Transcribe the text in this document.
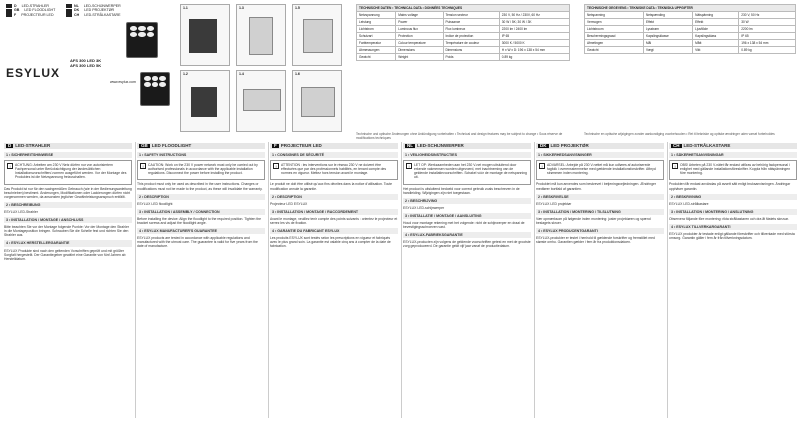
D
LED-STRAHLER
GB
LED FLOODLIGHT
F
PROJECTEUR LED
NL
LED-SCHIJNWERPER
DK
LED PROJEKTØR
CH
LED-STRÅLKASTARE
ESYLUX
AFS 300 LED 3K
AFS 300 LED 5K
www.esylux.com
1.1
1.2
1.3
1.4
1.5
1.6
TECHNISCHE DATEN • TECHNICAL DATA • DONNÉES TECHNIQUES			
Netzspannung	Mains voltage	Tension secteur	230 V, 50 Hz / 230V, 60 Hz
Leistung	Power	Puissance	30 W / 5K; 30 W / 3K
Lichtstrom	Luminous flux	Flux lumineux	2200 lm / 2400 lm
Schutzart	Protection	Indice de protection	IP 65
Farbtemperatur	Colour temperature	Température de couleur	3000 K / 5000 K
Abmessungen	Dimensions	Dimensions	H x W x D: 196 x 138 x 54 mm
Gewicht	Weight	Poids	0.89 kg
TECHNISCHE GEGEVENS • TEKNISKE DATA • TEKNISKA UPPGIFTER			
Netspanning	Netspænding	Nätspänning	230 V, 50 Hz
Vermogen	Effekt	Effekt	30 W
Lichtstroom	Lysstrøm	Ljusflöde	2200 lm
Beschermingsgraad	Kapslingsklasse	Kapslingsklass	IP 65
Afmetingen	Mål	Mått	196 x 138 x 54 mm
Gewicht	Vægt	Vikt	0.89 kg
Technische und optische Änderungen ohne Ankündigung vorbehalten • Technical and design features may be subject to change • Sous réserve de modifications techniques
Technische en optische wijzigingen zonder aankondiging voorbehouden • Ret til tekniske og optiske ændringer uden varsel forbeholdes
D LED-STRAHLER
1 • SICHERHEITSHINWEISE
!	ACHTUNG: Arbeiten am 230 V Netz dürfen nur von autorisiertem Fachpersonal unter Berücksichtigung der landesüblichen Installationsvorschriften/-normen ausgeführt werden. Vor der Montage des Produktes ist die Netzspannung freizuschalten.

Das Produkt ist nur für den sachgemäßen Gebrauch (wie in der Bedienungsanleitung beschrieben) bestimmt. Änderungen, Modifikationen oder Lackierungen dürfen nicht vorgenommen werden, da ansonsten jeglicher Gewährleistungsanspruch entfällt.

2 • BESCHREIBUNG

ESYLUX LED-Strahler

3 • INSTALLATION / MONTAGE / ANSCHLUSS

Bitte beachten Sie vor der Montage folgende Punkte: Vor der Montage den Strahler in die Montageposition bringen. Schrauben Sie die Schelle fest und richten Sie den Strahler aus.

4 • ESYLUX HERSTELLERGARANTIE

ESYLUX Produkte sind nach den geltenden Vorschriften geprüft und mit größter Sorgfalt hergestellt. Der Garantiegeber gewährt eine Garantie von fünf Jahren ab Herstelldatum.

GB LED FLOODLIGHT
1 • SAFETY INSTRUCTIONS
!	CAUTION: Work on the 230 V power network must only be carried out by authorised professionals in accordance with the applicable installation regulations. Disconnect the power before installing the product.

This product must only be used as described in the user instructions. Changes or modifications must not be made to the product, as these will invalidate the warranty.

2 • DESCRIPTION

ESYLUX LED floodlight

3 • INSTALLATION / ASSEMBLY / CONNECTION

Before installing the device: Align the floodlight to the required position. Tighten the bracket screws and adjust the floodlight angle.

4 • ESYLUX MANUFACTURER'S GUARANTEE

ESYLUX products are tested in accordance with applicable regulations and manufactured with the utmost care. The guarantee is valid for five years from the date of manufacture.

F PROJECTEUR LED
1 • CONSIGNES DE SÉCURITÉ
!	ATTENTION : les interventions sur le réseau 230 V ne doivent être effectuées que par des professionnels habilités, en tenant compte des normes en vigueur. Mettez hors tension avant le montage.

Le produit ne doit être utilisé qu'aux fins décrites dans la notice d'utilisation. Toute modification annule la garantie.

2 • DESCRIPTION

Projecteur LED ESYLUX

3 • INSTALLATION / MONTAGE / RACCORDEMENT

Avant le montage, veuillez tenir compte des points suivants : orientez le projecteur et serrez les vis de fixation.

4 • GARANTIE DU FABRICANT ESYLUX

Les produits ESYLUX sont testés selon les prescriptions en vigueur et fabriqués avec le plus grand soin. La garantie est valable cinq ans à compter de la date de fabrication.

NL LED-SCHIJNWERPER
1 • VEILIGHEIDSINSTRUCTIES
!	LET OP: Werkzaamheden aan het 230 V-net mogen uitsluitend door erkende vakmensen worden uitgevoerd, met inachtneming van de geldende installatievoorschriften. Schakel vóór de montage de netspanning uit.

Het product is uitsluitend bedoeld voor correct gebruik zoals beschreven in de handleiding. Wijzigingen zijn niet toegestaan.

2 • BESCHRIJVING

ESYLUX LED-schijnwerper

3 • INSTALLATIE / MONTAGE / AANSLUITING

Houd voor montage rekening met het volgende: richt de schijnwerper en draai de bevestigingsschroeven vast.

4 • ESYLUX-FABRIEKSGARANTIE

ESYLUX-producten zijn volgens de geldende voorschriften getest en met de grootste zorg geproduceerd. De garantie geldt vijf jaar vanaf de productiedatum.

DK LED PROJEKTØR
1 • SIKKERHEDSANVISNINGER
!	ADVARSEL: Arbejde på 230 V-nettet må kun udføres af autoriserede fagfolk i overensstemmelse med gældende installationsforskrifter. Afbryd strømmen inden montering.

Produktet må kun anvendes som beskrevet i betjeningsvejledningen. Ændringer medfører bortfald af garantien.

2 • BESKRIVELSE

ESYLUX LED projektør

3 • INSTALLATION / MONTERING / TILSLUTNING

Vær opmærksom på følgende inden montering: juster projektøren og spænd beslagets skruer.

4 • ESYLUX PRODUCENTGARANTI

ESYLUX-produkter er testet i henhold til gældende forskrifter og fremstillet med største omhu. Garantien gælder i fem år fra produktionsdatoen.

CH LED-STRÅLKASTARE
1 • SÄKERHETSANVISNINGAR
!	OBS! Arbeten på 230 V-nätet får endast utföras av behörig fackpersonal i enlighet med gällande installationsföreskrifter. Koppla från nätspänningen före montering.

Produkten får endast användas på avsett sätt enligt bruksanvisningen. Ändringar upphäver garantin.

2 • BESKRIVNING

ESYLUX LED-strålkastare

3 • INSTALLATION / MONTERING / ANSLUTNING

Observera följande före montering: rikta strålkastaren och dra åt fästets skruvar.

4 • ESYLUX TILLVERKARGARANTI

ESYLUX produkter är testade enligt gällande föreskrifter och tillverkade med största omsorg. Garantin gäller i fem år från tillverkningsdatum.
